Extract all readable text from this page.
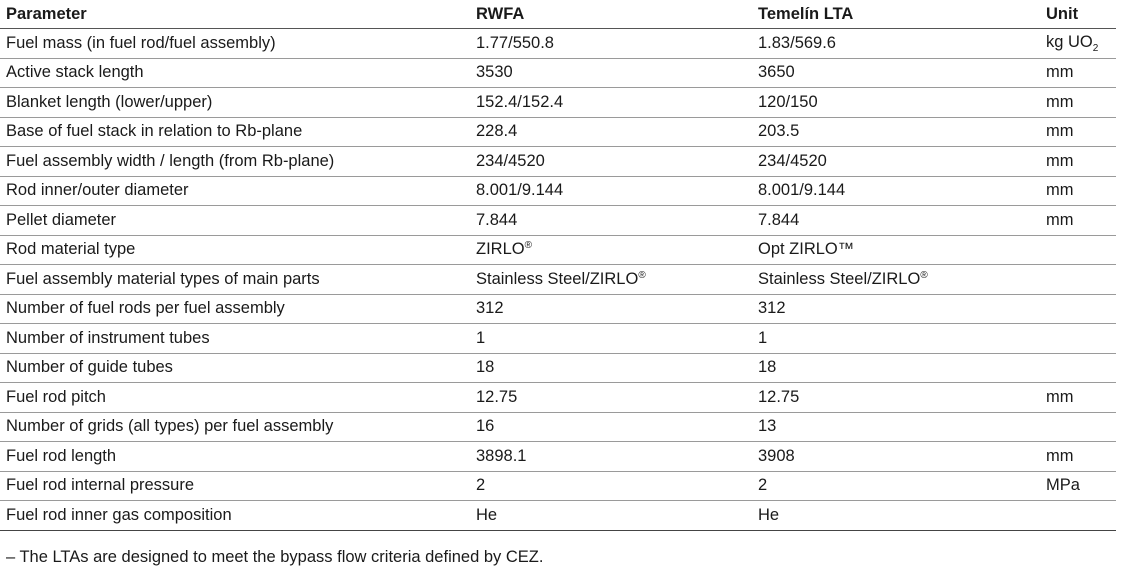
Parameter	RWFA	Temelín LTA	Unit
Fuel mass (in fuel rod/fuel assembly)	1.77/550.8	1.83/569.6	kg $UO_2$
Active stack length	3530	3650	mm
Blanket length (lower/upper)	152.4/152.4	120/150	mm
Base of fuel stack in relation to Rb-plane	228.4	203.5	mm
Fuel assembly width / length (from Rb-plane)	234/4520	234/4520	mm
Rod inner/outer diameter	8.001/9.144	8.001/9.144	mm
Pellet diameter	7.844	7.844	mm
Rod material type	ZIRLO®	Opt ZIRLO™	
Fuel assembly material types of main parts	Stainless Steel/ZIRLO®	Stainless Steel/ZIRLO®	
Number of fuel rods per fuel assembly	312	312	
Number of instrument tubes	1	1	
Number of guide tubes	18	18	
Fuel rod pitch	12.75	12.75	mm
Number of grids (all types) per fuel assembly	16	13	
Fuel rod length	3898.1	3908	mm
Fuel rod internal pressure	2	2	MPa
Fuel rod inner gas composition	He	He	
– The LTAs are designed to meet the bypass flow criteria defined by CEZ.
